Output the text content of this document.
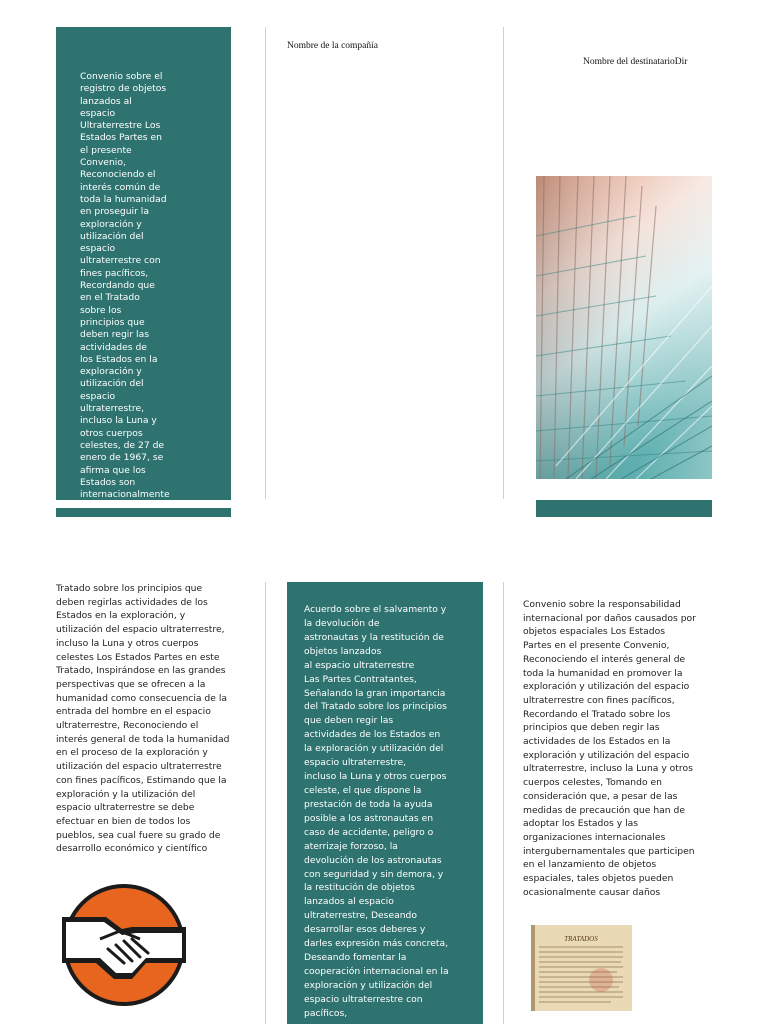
Convenio sobre el
registro de objetos
lanzados al
espacio
Ultraterrestre Los
Estados Partes en
el presente
Convenio,
Reconociendo el
interés común de
toda la humanidad
en proseguir la
exploración y
utilización del
espacio
ultraterrestre con
fines pacíficos,
Recordando que
en el Tratado
sobre los
principios que
deben regir las
actividades de
los Estados en la
exploración y
utilización del
espacio
ultraterrestre,
incluso la Luna y
otros cuerpos
celestes, de 27 de
enero de 1967, se
afirma que los
Estados son
internacionalmente
Nombre de la compañía
Nombre del destinatarioDir
Tratado sobre los principios que
deben regirlas actividades de los
Estados en la exploración, y
utilización del espacio ultraterrestre,
incluso la Luna y otros cuerpos
celestes Los Estados Partes en este
Tratado, Inspirándose en las grandes
perspectivas que se ofrecen a la
humanidad como consecuencia de la
entrada del hombre en el espacio
ultraterrestre, Reconociendo el
interés general de toda la humanidad
en el proceso de la exploración y
utilización del espacio ultraterrestre
con fines pacíficos, Estimando que la
exploración y la utilización del
espacio ultraterrestre se debe
efectuar en bien de todos los
pueblos, sea cual fuere su grado de
desarrollo económico y científico
Acuerdo sobre el salvamento y
la devolución de
astronautas y la restitución de
objetos lanzados
al espacio ultraterrestre
Las Partes Contratantes,
Señalando la gran importancia
del Tratado sobre los principios
que deben regir las
actividades de los Estados en
la exploración y utilización del
espacio ultraterrestre,
incluso la Luna y otros cuerpos
celeste, el que dispone la
prestación de toda la ayuda
posible a los astronautas en
caso de accidente, peligro o
aterrizaje forzoso, la
devolución de los astronautas
con seguridad y sin demora, y
la restitución de objetos
lanzados al espacio
ultraterrestre, Deseando
desarrollar esos deberes y
darles expresión más concreta,
Deseando fomentar la
cooperación internacional en la
exploración y utilización del
espacio ultraterrestre con
pacíficos,
Convenio sobre la responsabilidad
internacional por daños causados por
objetos espaciales Los Estados
Partes en el presente Convenio,
Reconociendo el interés general de
toda la humanidad en promover la
exploración y utilización del espacio
ultraterrestre con fines pacíficos,
Recordando el Tratado sobre los
principios que deben regir las
actividades de los Estados en la
exploración y utilización del espacio
ultraterrestre, incluso la Luna y otros
cuerpos celestes, Tomando en
consideración que, a pesar de las
medidas de precaución que han de
adoptar los Estados y las
organizaciones internacionales
intergubernamentales que participen
en el lanzamiento de objetos
espaciales, tales objetos pueden
ocasionalmente causar daños
TRATADOS
